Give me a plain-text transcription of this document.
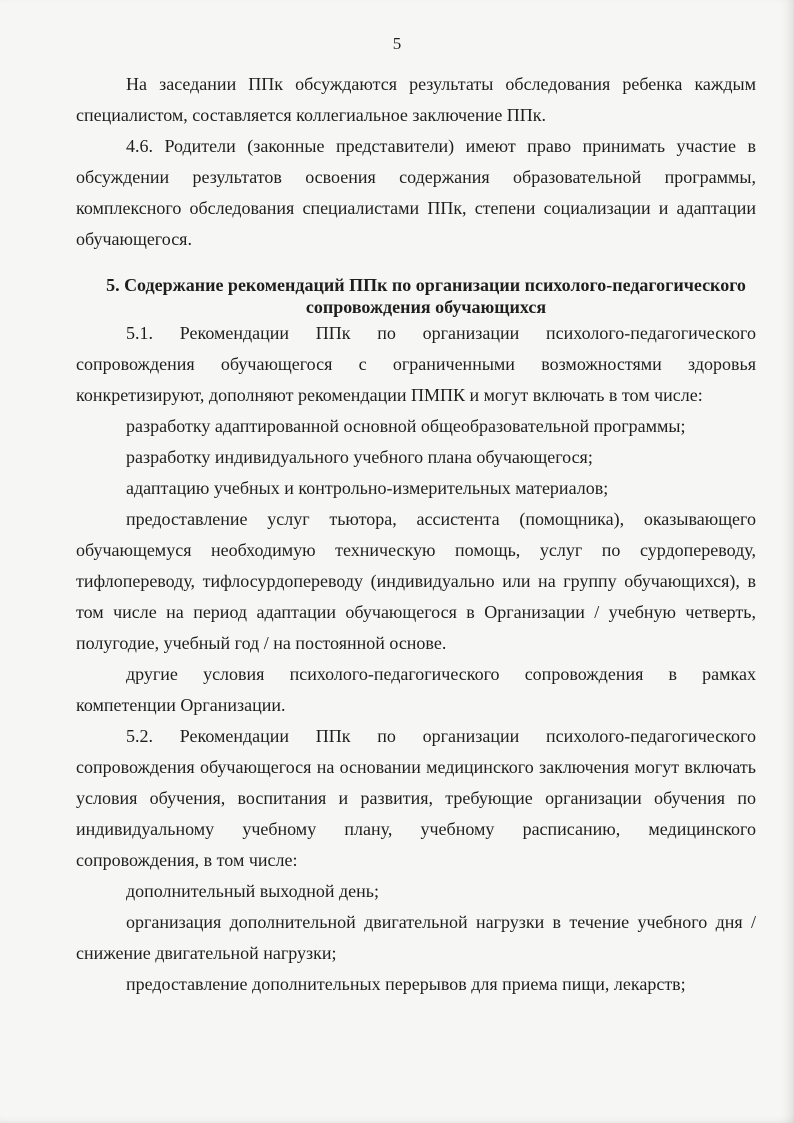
5

На заседании ППк обсуждаются результаты обследования ребенка каждым специалистом, составляется коллегиальное заключение ППк.

4.6. Родители (законные представители) имеют право принимать участие в обсуждении результатов освоения содержания образовательной программы, комплексного обследования специалистами ППк, степени социализации и адаптации обучающегося.

5. Содержание рекомендаций ППк по организации психолого-педагогического сопровождения обучающихся

5.1. Рекомендации ППк по организации психолого-педагогического сопровождения обучающегося с ограниченными возможностями здоровья конкретизируют, дополняют рекомендации ПМПК и могут включать в том числе:

разработку адаптированной основной общеобразовательной программы;

разработку индивидуального учебного плана обучающегося;

адаптацию учебных и контрольно-измерительных материалов;

предоставление услуг тьютора, ассистента (помощника), оказывающего обучающемуся необходимую техническую помощь, услуг по сурдопереводу, тифлопереводу, тифлосурдопереводу (индивидуально или на группу обучающихся), в том числе на период адаптации обучающегося в Организации / учебную четверть, полугодие, учебный год / на постоянной основе.

другие условия психолого-педагогического сопровождения в рамках компетенции Организации.

5.2. Рекомендации ППк по организации психолого-педагогического сопровождения обучающегося на основании медицинского заключения могут включать условия обучения, воспитания и развития, требующие организации обучения по индивидуальному учебному плану, учебному расписанию, медицинского сопровождения, в том числе:

дополнительный выходной день;

организация дополнительной двигательной нагрузки в течение учебного дня / снижение двигательной нагрузки;

предоставление дополнительных перерывов для приема пищи, лекарств;
